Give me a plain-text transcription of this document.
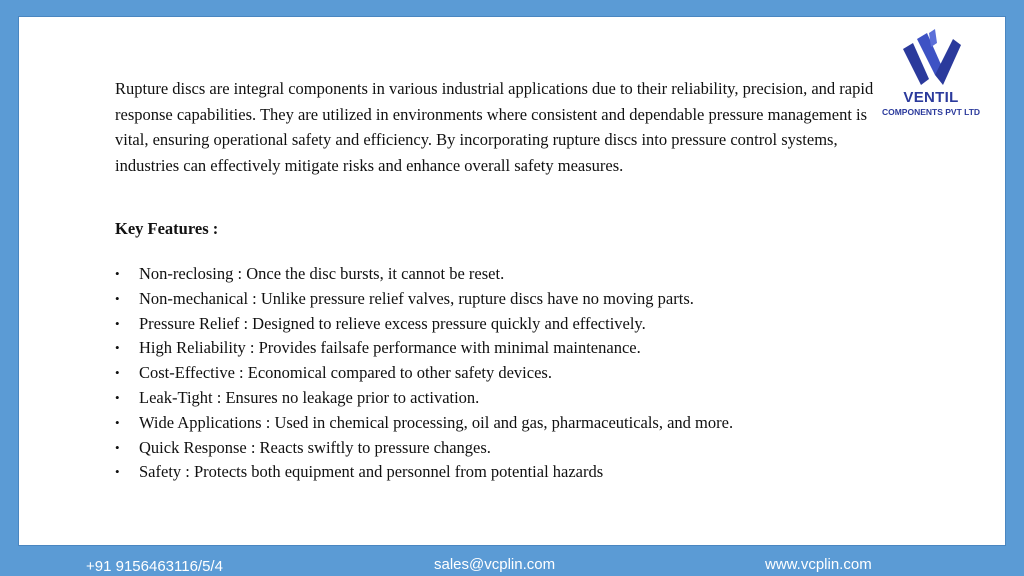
Rupture discs are integral components in various industrial applications due to their reliability, precision, and rapid response capabilities. They are utilized in environments where consistent and dependable pressure management is vital, ensuring operational safety and efficiency. By incorporating rupture discs into pressure control systems, industries can effectively mitigate risks and enhance overall safety measures.

Key Features :
• Non-reclosing : Once the disc bursts, it cannot be reset.
• Non-mechanical : Unlike pressure relief valves, rupture discs have no moving parts.
• Pressure Relief : Designed to relieve excess pressure quickly and effectively.
• High Reliability : Provides failsafe performance with minimal maintenance.
• Cost-Effective : Economical compared to other safety devices.
• Leak-Tight : Ensures no leakage prior to activation.
• Wide Applications : Used in chemical processing, oil and gas, pharmaceuticals, and more.
• Quick Response : Reacts swiftly to pressure changes.
• Safety : Protects both equipment and personnel from potential hazards
VENTIL
COMPONENTS PVT LTD
+91 9156463116/5/4	sales@vcplin.com	www.vcplin.com
